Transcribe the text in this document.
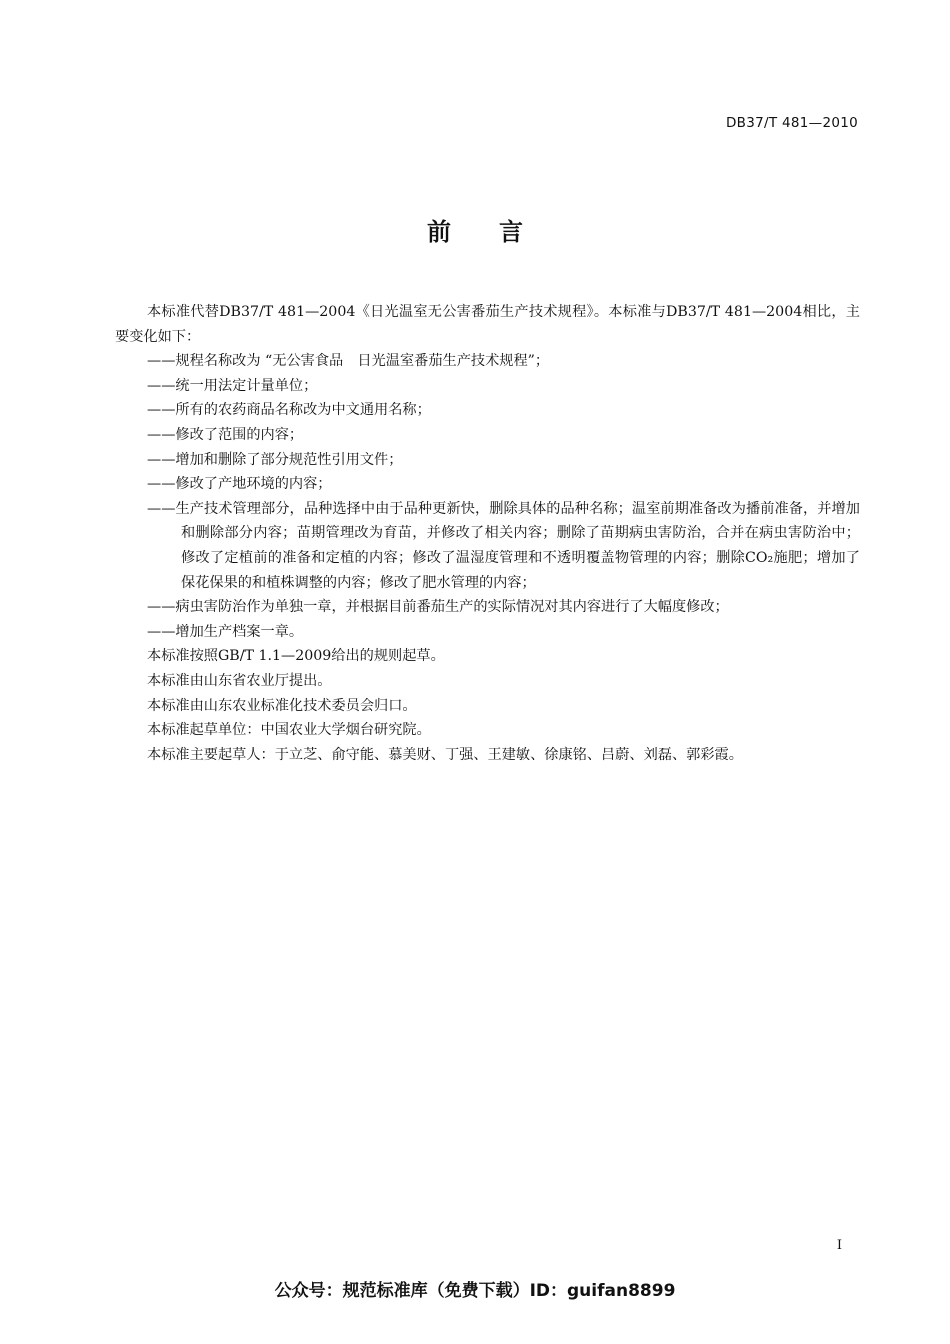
DB37/T 481—2010
前 言

本标准代替DB37/T 481—2004《日光温室无公害番茄生产技术规程》。本标准与DB37/T 481—2004相比，主要变化如下：

——规程名称改为 “无公害食品　日光温室番茄生产技术规程”；

——统一用法定计量单位；

——所有的农药商品名称改为中文通用名称；

——修改了范围的内容；

——增加和删除了部分规范性引用文件；

——修改了产地环境的内容；

——生产技术管理部分，品种选择中由于品种更新快，删除具体的品种名称；温室前期准备改为播前准备，并增加和删除部分内容；苗期管理改为育苗，并修改了相关内容；删除了苗期病虫害防治，合并在病虫害防治中；修改了定植前的准备和定植的内容；修改了温湿度管理和不透明覆盖物管理的内容；删除CO₂施肥；增加了保花保果的和植株调整的内容；修改了肥水管理的内容；

——病虫害防治作为单独一章，并根据目前番茄生产的实际情况对其内容进行了大幅度修改；

——增加生产档案一章。

本标准按照GB/T 1.1—2009给出的规则起草。

本标准由山东省农业厅提出。

本标准由山东农业标准化技术委员会归口。

本标准起草单位：中国农业大学烟台研究院。

本标准主要起草人：于立芝、俞守能、慕美财、丁强、王建敏、徐康铭、吕蔚、刘磊、郭彩霞。

I
公众号：规范标准库（免费下载）ID：guifan8899
